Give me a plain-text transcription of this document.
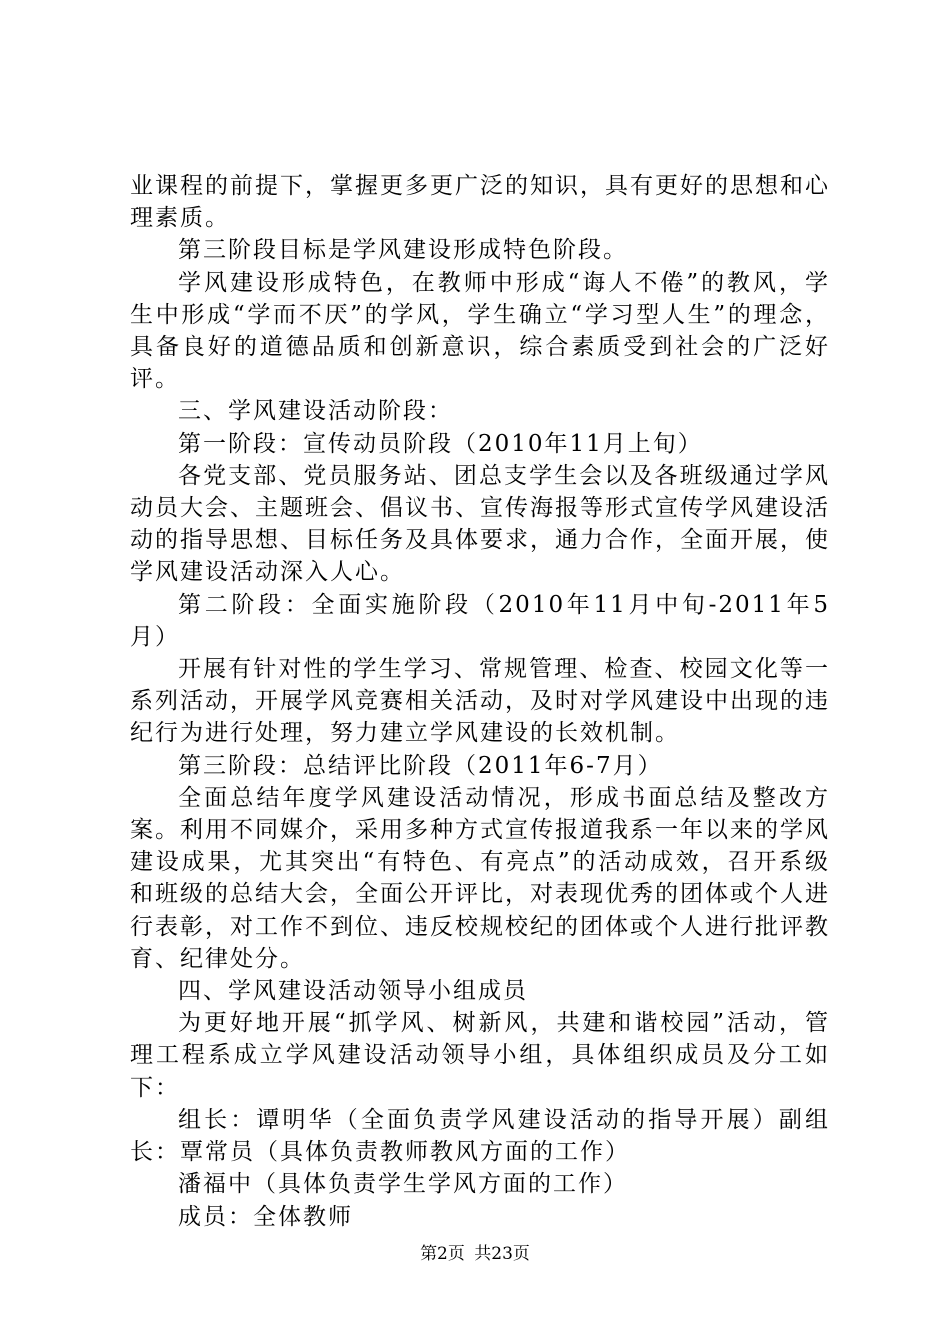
业课程的前提下，掌握更多更广泛的知识，具有更好的思想和心理素质。

第三阶段目标是学风建设形成特色阶段。

学风建设形成特色，在教师中形成“诲人不倦”的教风，学生中形成“学而不厌”的学风，学生确立“学习型人生”的理念，具备良好的道德品质和创新意识，综合素质受到社会的广泛好评。

三、学风建设活动阶段：

第一阶段：宣传动员阶段（2010年11月上旬）

各党支部、党员服务站、团总支学生会以及各班级通过学风动员大会、主题班会、倡议书、宣传海报等形式宣传学风建设活动的指导思想、目标任务及具体要求，通力合作，全面开展，使学风建设活动深入人心。

第二阶段：全面实施阶段（2010年11月中旬-2011年5月）

开展有针对性的学生学习、常规管理、检查、校园文化等一系列活动，开展学风竞赛相关活动，及时对学风建设中出现的违纪行为进行处理，努力建立学风建设的长效机制。

第三阶段：总结评比阶段（2011年6-7月）

全面总结年度学风建设活动情况，形成书面总结及整改方案。利用不同媒介，采用多种方式宣传报道我系一年以来的学风建设成果，尤其突出“有特色、有亮点”的活动成效，召开系级和班级的总结大会，全面公开评比，对表现优秀的团体或个人进行表彰，对工作不到位、违反校规校纪的团体或个人进行批评教育、纪律处分。

四、学风建设活动领导小组成员

为更好地开展“抓学风、树新风，共建和谐校园”活动，管理工程系成立学风建设活动领导小组，具体组织成员及分工如下：

组长：谭明华（全面负责学风建设活动的指导开展）副组长：覃常员（具体负责教师教风方面的工作）

潘福中（具体负责学生学风方面的工作）

成员：全体教师

第2页 共23页
